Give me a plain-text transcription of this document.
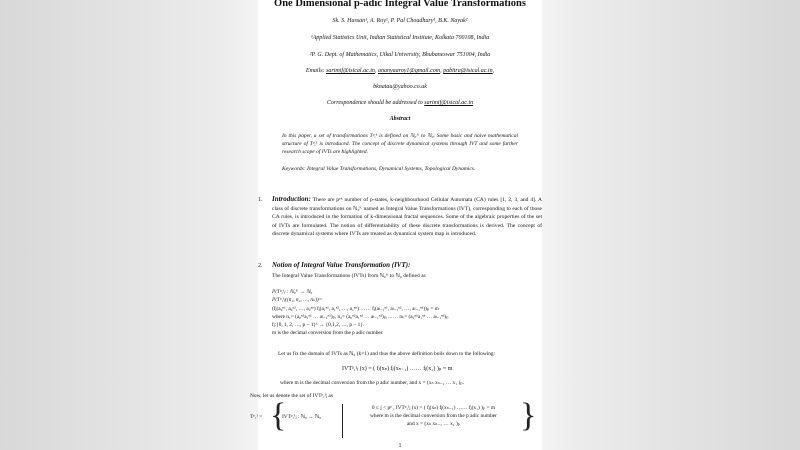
One Dimensional p-adic Integral Value Transformations
Sk. S. Hassan¹, A. Roy¹, P. Pal Choudhury¹, B.K. Nayak²
¹Applied Statistics Unit, Indian Statistical Institute, Kolkata 700108, India
²P. G. Dept. of Mathematics, Utkal University, Bhubaneswar 751004, India
Emails: sarimif@isical.ac.in, ananyaaroy1@gmail.com, pabitra@isical.ac.in,
bknatau@yahoo.co.uk
Correspondence should be addressed to sarimif@isical.ac.in
Abstract
In this paper, a set of transformations Tᵖ,ᵏ is defined on ℕ₀ᴷ to ℕ₀. Some basic and naive mathematical structure of Tᵖ,¹ is introduced. The concept of discrete dynamical systems through IVT and some further research scope of IVTs are highlighted.
Keywords: Integral Value Transformations, Dynamical Systems, Topological Dynamics.
1. Introduction: There are pᵖᵏ number of p-states, k-neighbourhood Cellular Automata (CA) rules [1, 2, 3, and 4]. A class of discrete transformations on ℕ₀ᴷ named as Integral Value Transformations (IVT), corresponding to each of those CA rules, is introduced in the formation of k-dimensional fractal sequences. Some of the algebraic properties of the set of IVTs are formulated. The notion of differentiability of these discrete transformations is derived. The concept of discrete dynamical systems where IVTs are treated as dynamical system map is introduced.
2. Notion of Integral Value Transformation (IVT):
The Integral Value Transformations (IVTs) from ℕ₀ᴷ to ℕ₀ defined as
IVTᵖ,ᵏⱼ : ℕ₀ᴷ → ℕ₀
IVTᵖ,ᵏⱼ((n₁, n₂, …, nₖ))=
(fⱼ(a₀ⁿ¹, a₀ⁿ², …, a₀ⁿᵏ) fⱼ(a₁ⁿ¹, a₁ⁿ², …, a₁ⁿᵏ) …… fⱼ(aₗ₋₁ⁿ¹, aₗ₋₁ⁿ², …, aₗ₋₁ⁿᵏ))ₚ = m
where n₁= (a₀ⁿ¹a₁ⁿ¹ … aₗ₋₁ⁿ¹)ₚ, n₂= (a₀ⁿ²a₁ⁿ² … aₗ₋₁ⁿ²)ₚ,…… nₖ= (a₀ⁿᵏa₁ⁿᵏ … aₗ₋₁ⁿᵏ)ₚ
fⱼ:{0, 1, 2, …, p − 1}ᵏ → {0,1,2, …, p − 1}.
m is the decimal conversion from the p adic number.
Let us fix the domain of IVTs as ℕ₀ (k=1) and thus the above definition boils down to the following:
IVTᵖ,¹ⱼ (x) = ( fⱼ(xₙ) fⱼ(xₙ₋₁) …… fⱼ(x₁) )ₚ = m
where m is the decimal conversion from the p adic number, and x = (xₙ xₙ₋₁ … x₁ )ₚ.
Now, let us denote the set of IVTᵖ,¹ⱼ as
Tᵖ,¹ = {
IVTᵖ,¹ⱼ : ℕ₀ → ℕ₀
0 ≤ j < pᵖ , IVTᵖ,¹ⱼ (x) = ( fⱼ(xₙ) fⱼ(xₙ₋₁) …… fⱼ(x₁) )ₚ = m
where m is the decimal conversion from the p adic number
and x = (xₙ xₙ₋₁ … x₁ )ₚ	}
1
